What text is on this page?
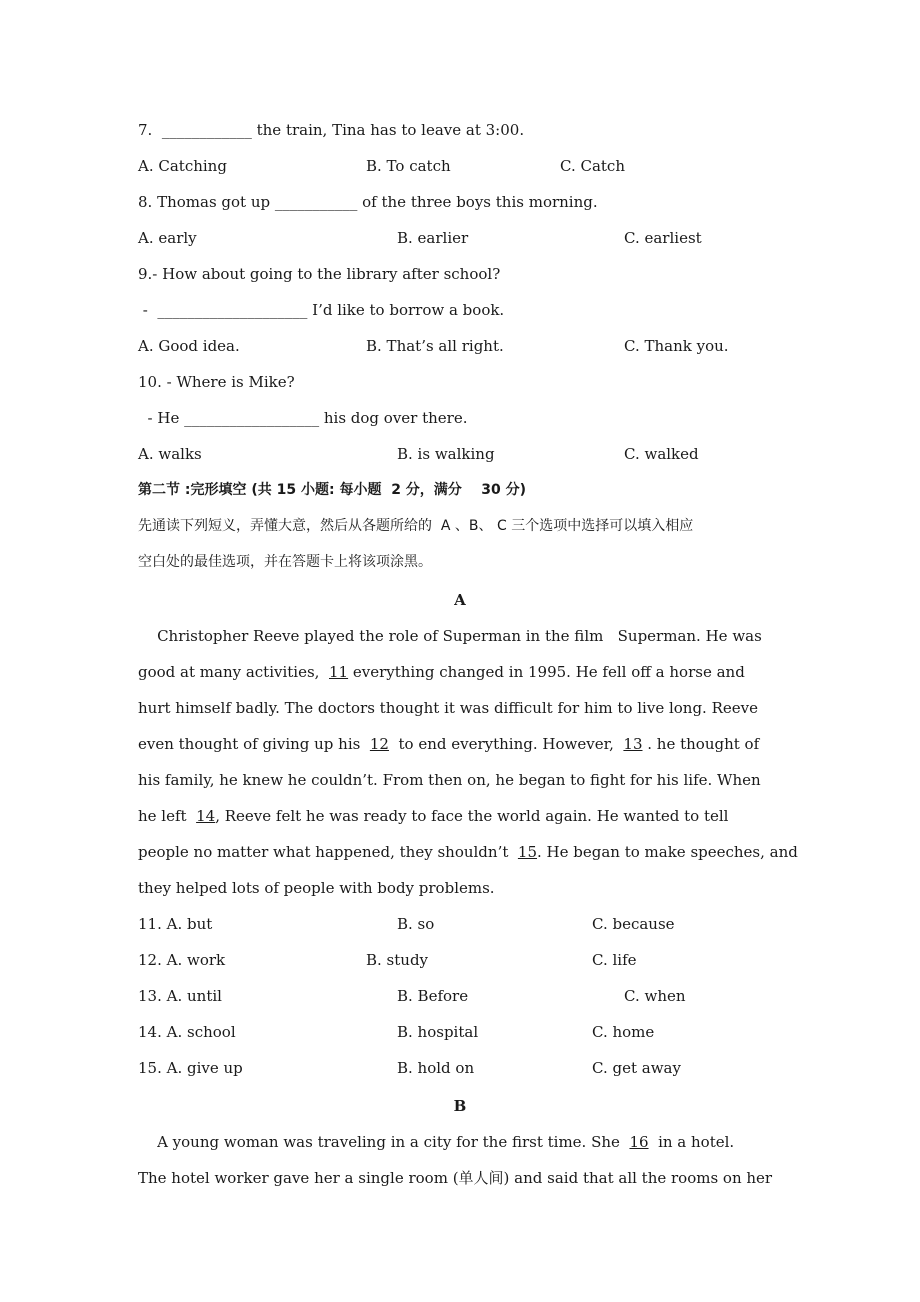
7.  ____________ the train, Tina has to leave at 3:00.
A. Catching	B. To catch	C. Catch
8. Thomas got up ___________ of the three boys this morning.
A. early	B. earlier	C. earliest
9.- How about going to the library after school?
-  ____________________ I’d like to borrow a book.
A. Good idea.	B. That’s all right.	C. Thank you.
10. - Where is Mike?
- He __________________ his dog over there.
A. walks	B. is walking	C. walked
第二节 :完形填空 (共 15 小题: 每小题  2 分，满分    30 分)
先通读下列短义，弄懂大意，然后从各题所给的  A 、B、 C 三个选项中选择可以填入相应
空白处的最佳选项，并在答题卡上将该项涂黑。
A
Christopher Reeve played the role of Superman in the film   Superman. He was
good at many activities,  11 everything changed in 1995. He fell off a horse and
hurt himself badly. The doctors thought it was difficult for him to live long. Reeve
even thought of giving up his  12  to end everything. However,  13 . he thought of
his family, he knew he couldn’t. From then on, he began to fight for his life. When
he left  14, Reeve felt he was ready to face the world again. He wanted to tell
people no matter what happened, they shouldn’t  15. He began to make speeches, and
they helped lots of people with body problems.
11. A. but	B. so	C. because
12. A. work	B. study	C. life
13. A. until	B. Before	C. when
14. A. school	B. hospital	C. home
15. A. give up	B. hold on	C. get away
B
A young woman was traveling in a city for the first time. She  16  in a hotel.
The hotel worker gave her a single room (单人间) and said that all the rooms on her
